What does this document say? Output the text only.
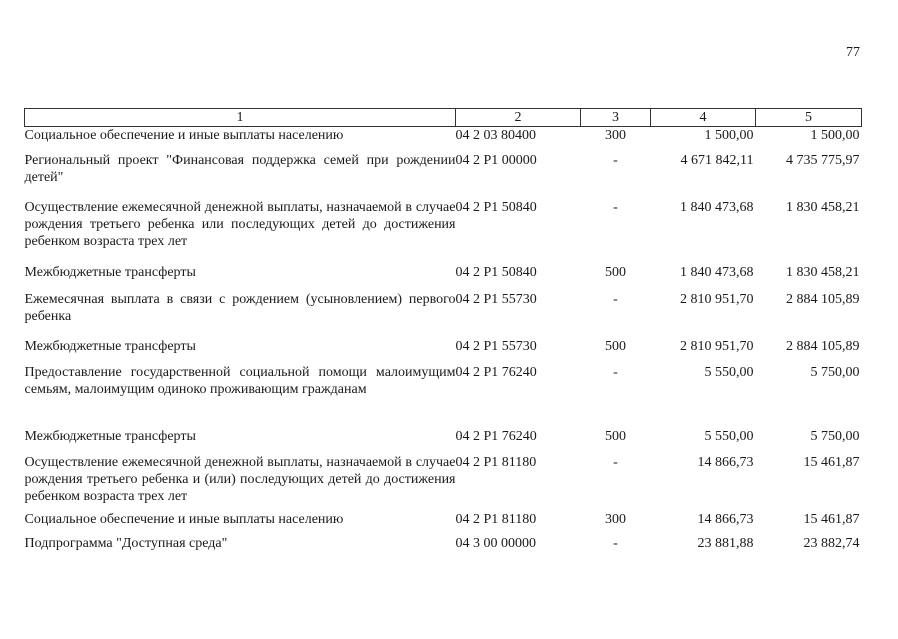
77
1	2	3	4	5
Социальное обеспечение и иные выплаты населению	04 2 03 80400	300	1 500,00	1 500,00
Региональный проект "Финансовая поддержка семей при рождении детей"	04 2 P1 00000	-	4 671 842,11	4 735 775,97
Осуществление ежемесячной денежной выплаты, назначаемой в случае рождения третьего ребенка или последующих детей до достижения ребенком возраста трех лет	04 2 P1 50840	-	1 840 473,68	1 830 458,21
Межбюджетные трансферты	04 2 P1 50840	500	1 840 473,68	1 830 458,21
Ежемесячная выплата в связи с рождением (усыновлением) первого ребенка	04 2 P1 55730	-	2 810 951,70	2 884 105,89
Межбюджетные трансферты	04 2 P1 55730	500	2 810 951,70	2 884 105,89
Предоставление государственной социальной помощи малоимущим семьям, малоимущим одиноко проживающим гражданам	04 2 P1 76240	-	5 550,00	5 750,00
Межбюджетные трансферты	04 2 P1 76240	500	5 550,00	5 750,00
Осуществление ежемесячной денежной выплаты, назначаемой в случае рождения третьего ребенка и (или) последующих детей до достижения ребенком возраста трех лет	04 2 P1 81180	-	14 866,73	15 461,87
Социальное обеспечение и иные выплаты населению	04 2 P1 81180	300	14 866,73	15 461,87
Подпрограмма "Доступная среда"	04 3 00 00000	-	23 881,88	23 882,74
